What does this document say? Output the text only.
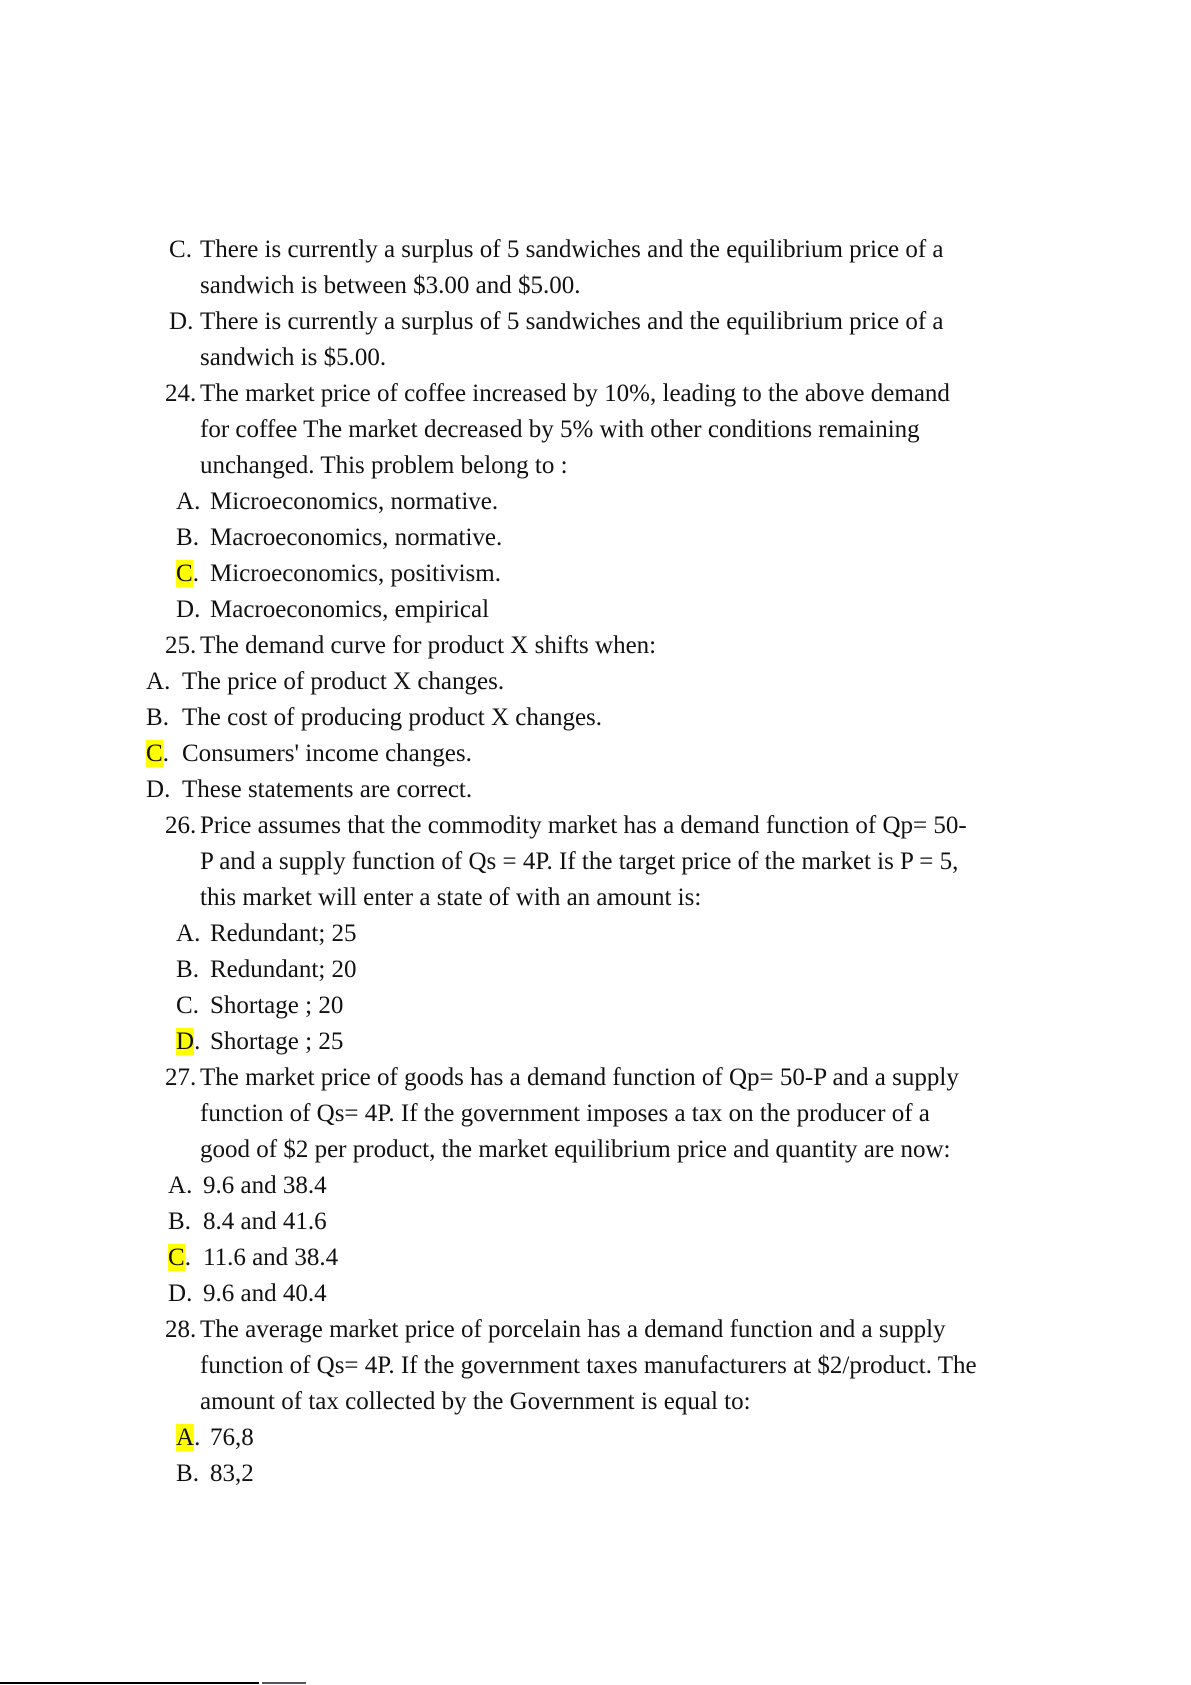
C. There is currently a surplus of 5 sandwiches and the equilibrium price of a
sandwich is between $3.00 and $5.00.
D. There is currently a surplus of 5 sandwiches and the equilibrium price of a
sandwich is $5.00.
24. The market price of coffee increased by 10%, leading to the above demand
for coffee The market decreased by 5% with other conditions remaining
unchanged. This problem belong to :
A. Microeconomics, normative.
B. Macroeconomics, normative.
C. Microeconomics, positivism.
D. Macroeconomics, empirical
25. The demand curve for product X shifts when:
A. The price of product X changes.
B. The cost of producing product X changes.
C. Consumers' income changes.
D. These statements are correct.
26. Price assumes that the commodity market has a demand function of Qp= 50-
P and a supply function of Qs = 4P. If the target price of the market is P = 5,
this market will enter a state of with an amount is:
A. Redundant; 25
B. Redundant; 20
C. Shortage ; 20
D. Shortage ; 25
27. The market price of goods has a demand function of Qp= 50-P and a supply
function of Qs= 4P. If the government imposes a tax on the producer of a
good of $2 per product, the market equilibrium price and quantity are now:
A. 9.6 and 38.4
B. 8.4 and 41.6
C. 11.6 and 38.4
D. 9.6 and 40.4
28. The average market price of porcelain has a demand function and a supply
function of Qs= 4P. If the government taxes manufacturers at $2/product. The
amount of tax collected by the Government is equal to:
A. 76,8
B. 83,2
